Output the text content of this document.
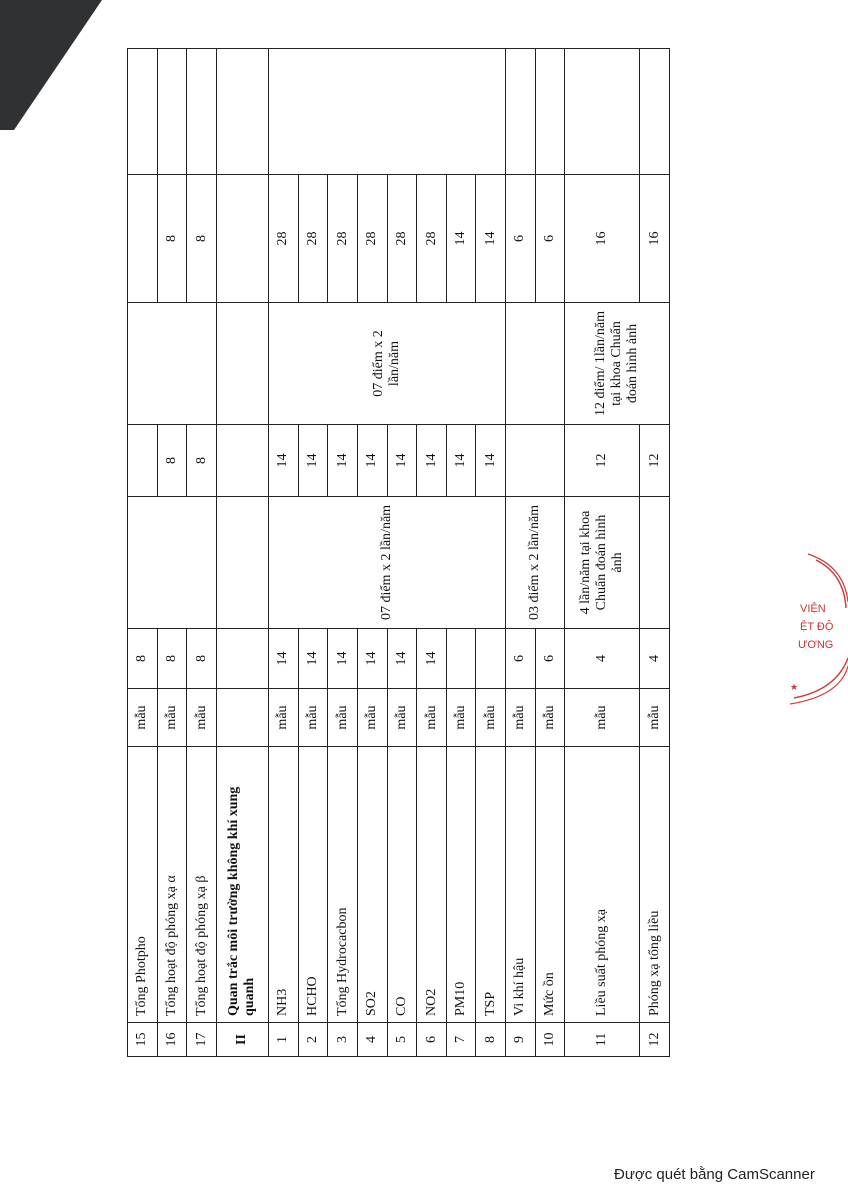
15	Tổng Photpho	mẫu	8					
16	Tổng hoạt độ phóng xạ α	mẫu	8		8		8	
17	Tổng hoạt độ phóng xạ β	mẫu	8		8		8	
II	Quan trắc môi trường không khí xung quanh							
1	NH3	mẫu	14	07 điểm x 2 lần/năm	14	07 điểm x 2 lần/năm	28	
2	HCHO	mẫu	14		14		28	
3	Tổng Hydrocacbon	mẫu	14		14		28	
4	SO2	mẫu	14		14		28	
5	CO	mẫu	14		14		28	
6	NO2	mẫu	14		14		28	
7	PM10	mẫu			14		14	
8	TSP	mẫu			14		14	
9	Vi khí hậu	mẫu	6	03 điểm x 2 lần/năm			6	
10	Mức ồn	mẫu	6				6	
11	Liều suất phóng xạ	mẫu	4	4 lần/năm tại khoa Chuẩn đoán hình ảnh	12	12 điểm/ 1lần/năm tại khoa Chuẩn đoán hình ảnh	16	
12	Phóng xạ tổng liều	mẫu	4		12		16	
VIỆN
ỆT ĐỘ
ƯƠNG
★
Được quét bằng CamScanner
